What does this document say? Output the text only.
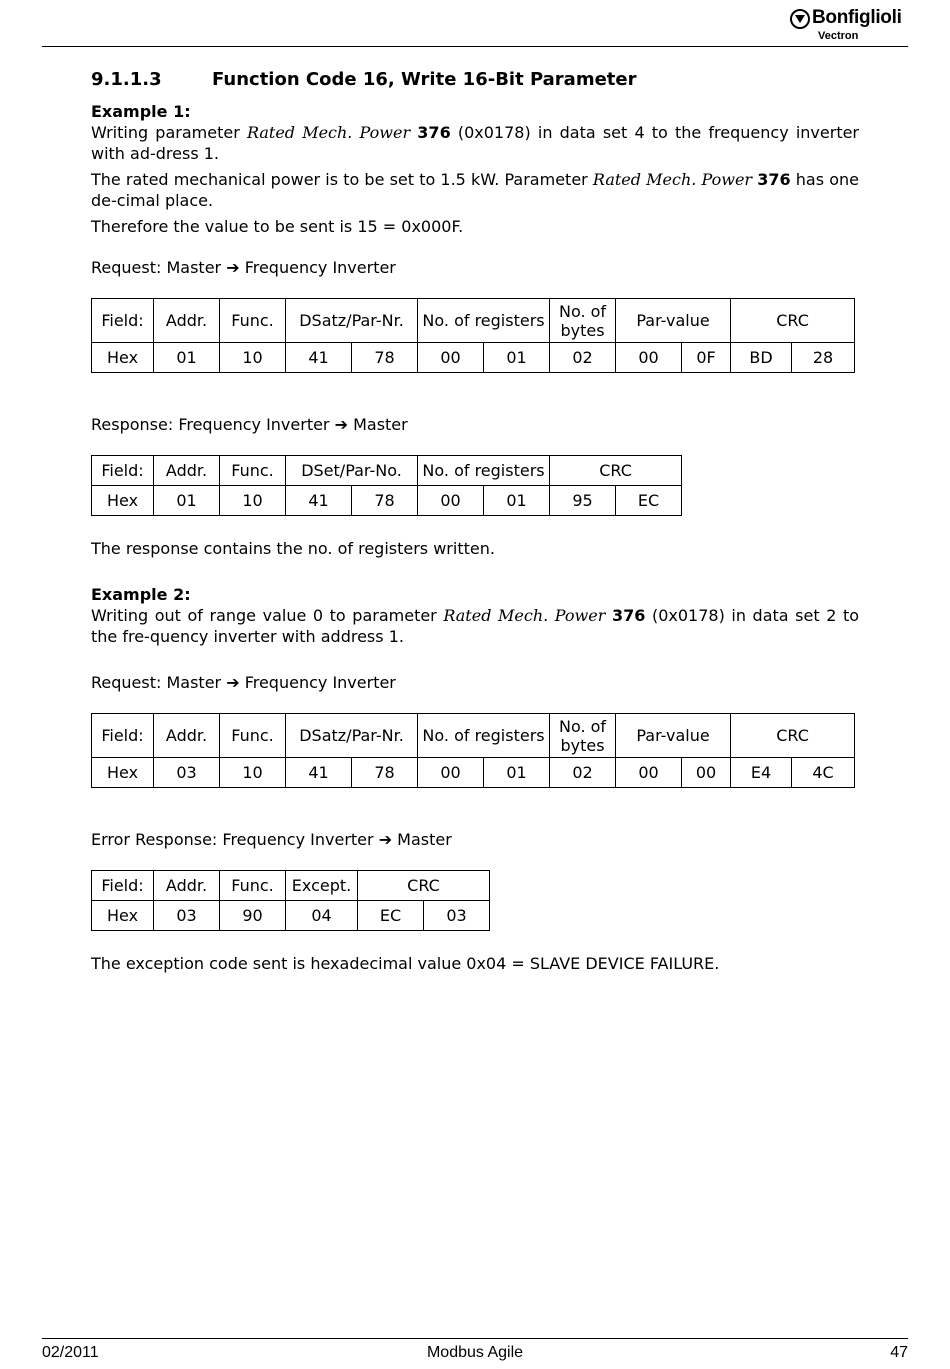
Bonfiglioli
Vectron
9.1.1.3	Function Code 16, Write 16-Bit Parameter
Example 1:
Writing parameter Rated Mech. Power 376 (0x0178) in data set 4 to the frequency inverter with ad-dress 1.
The rated mechanical power is to be set to 1.5 kW. Parameter Rated Mech. Power 376 has one de-cimal place.
Therefore the value to be sent is 15 = 0x000F.
Request: Master ➔ Frequency Inverter
Field:	Addr.	Func.	DSatz/Par-Nr.		No. of registers		No. of bytes	Par-value		CRC	
Hex	01	10	41	78	00	01	02	00	0F	BD	28
Response: Frequency Inverter ➔ Master
Field:	Addr.	Func.	DSet/Par-No.		No. of registers		CRC	
Hex	01	10	41	78	00	01	95	EC
The response contains the no. of registers written.
Example 2:
Writing out of range value 0 to parameter Rated Mech. Power 376 (0x0178) in data set 2 to the fre-quency inverter with address 1.
Request: Master ➔ Frequency Inverter
Field:	Addr.	Func.	DSatz/Par-Nr.		No. of registers		No. of bytes	Par-value		CRC	
Hex	03	10	41	78	00	01	02	00	00	E4	4C
Error Response: Frequency Inverter ➔ Master
Field:	Addr.	Func.	Except.	CRC	
Hex	03	90	04	EC	03
The exception code sent is hexadecimal value 0x04 = SLAVE DEVICE FAILURE.
02/2011	Modbus Agile	47
